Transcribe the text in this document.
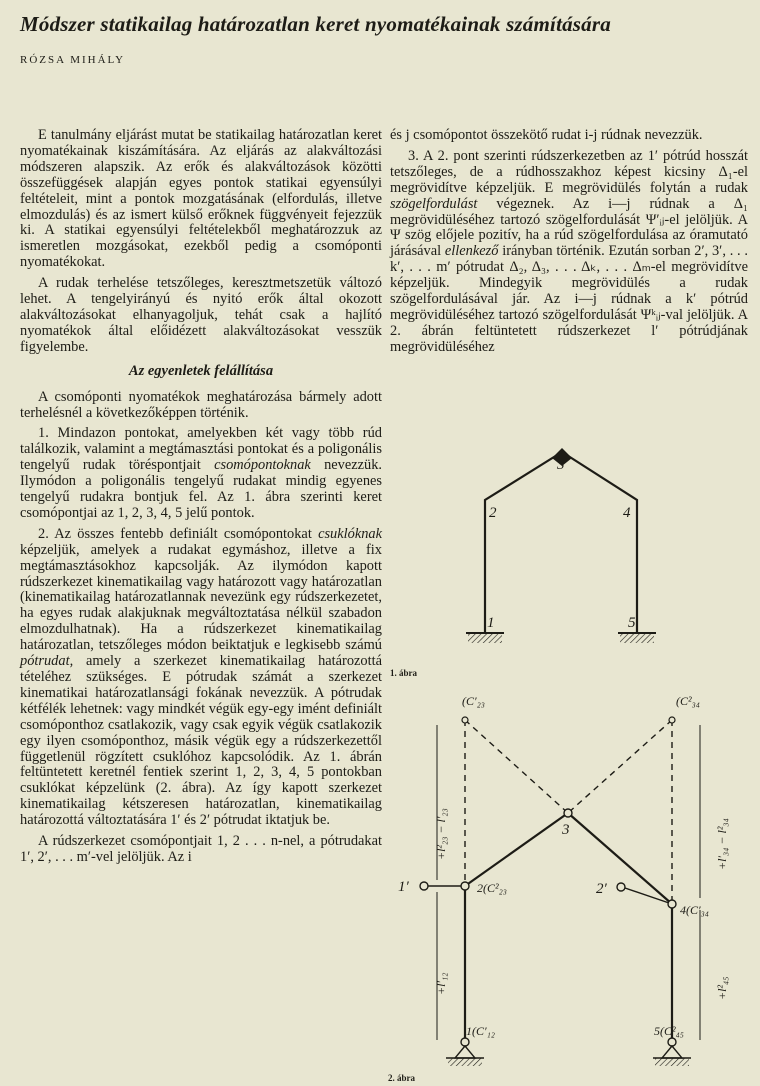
Módszer statikailag határozatlan keret nyomatékainak számítására
RÓZSA MIHÁLY

E tanulmány eljárást mutat be statikailag határozatlan keret nyomatékainak kiszámítására. Az eljárás az alakváltozási módszeren alapszik. Az erők és alakváltozások közötti összefüggések alapján egyes pontok statikai egyensúlyi feltételeit, mint a pontok mozgatásának (elfordulás, illetve elmozdulás) és az ismert külső erőknek függvényeit fejezzük ki. A statikai egyensúlyi feltételekből meghatározzuk az ismeretlen mozgásokat, ezekből pedig a csomóponti nyomatékokat.

A rudak terhelése tetszőleges, keresztmetszetük változó lehet. A tengelyirányú és nyitó erők által okozott alakváltozásokat elhanyagoljuk, tehát csak a hajlító nyomatékok által előidézett alakváltozásokat vesszük figyelembe.

Az egyenletek felállítása

A csomóponti nyomatékok meghatározása bármely adott terhelésnél a következőképpen történik.

1. Mindazon pontokat, amelyekben két vagy több rúd találkozik, valamint a megtámasztási pontokat és a poligonális tengelyű rudak töréspontjait csomópontoknak nevezzük. Ilymódon a poligonális tengelyű rudakat mindig egyenes tengelyű rudakra bontjuk fel. Az 1. ábra szerinti keret csomópontjai az 1, 2, 3, 4, 5 jelű pontok.

2. Az összes fentebb definiált csomópontokat csuklóknak képzeljük, amelyek a rudakat egymáshoz, illetve a fix megtámasztásokhoz kapcsolják. Az ilymódon kapott rúdszerkezet kinematikailag vagy határozott vagy határozatlan (kinematikailag határozatlannak nevezünk egy rúdszerkezetet, ha egyes rudak alakjuknak megváltoztatása nélkül szabadon elmozdulhatnak). Ha a rúdszerkezet kinematikailag határozatlan, tetszőleges módon beiktatjuk e legkisebb számú pótrudat, amely a szerkezet kinematikailag határozottá tételéhez szükséges. E pótrudak számát a szerkezet kinematikai határozatlansági fokának nevezzük. A pótrudak kétfélék lehetnek: vagy mindkét végük egy-egy imént definiált csomóponthoz csatlakozik, vagy csak egyik végük csatlakozik egy ilyen csomóponthoz, másik végük egy a rúdszerkezettől függetlenül rögzített csuklóhoz kapcsolódik. Az 1. ábrán feltüntetett keretnél fentiek szerint 1, 2, 3, 4, 5 pontokban csuklókat képzelünk (2. ábra). Az így kapott szerkezet kinematikailag kétszeresen határozatlan, kinematikailag határozottá változtatására 1′ és 2′ pótrudat iktatjuk be.

A rúdszerkezet csomópontjait 1, 2 . . . n-nel, a pótrudakat 1′, 2′, . . . m′-vel jelöljük. Az i

és j csomópontot összekötő rudat i-j rúdnak nevezzük.

3. A 2. pont szerinti rúdszerkezetben az 1′ pótrúd hosszát tetszőleges, de a rúdhosszakhoz képest kicsiny Δ₁-el megrövidítve képzeljük. E megrövidülés folytán a rudak szögelfordulást végeznek. Az i—j rúdnak a Δ₁ megrövidüléséhez tartozó szögelfordulását Ψ′ᵢⱼ-el jelöljük. A Ψ szög előjele pozitív, ha a rúd szögelfordulása az óramutató járásával ellenkező irányban történik. Ezután sorban 2′, 3′, . . . k′, . . . m′ pótrudat Δ₂, Δ₃, . . . Δₖ, . . . Δₘ-el megrövidítve képzeljük. Mindegyik megrövidülés a rudak szögelfordulásával jár. Az i—j rúdnak a k′ pótrúd megrövidüléséhez tartozó szögelfordulását Ψᵏᵢⱼ-val jelöljük. A 2. ábrán feltüntetett rúdszerkezet l′ pótrúdjának megrövidüléséhez

1
2
3
4
5
1. ábra
(C′₂₃	(C²₃₄
3
2(C²₂₃
4(C′₃₄
1(C′₁₂	5(C²₄₅
1′	2′
+l²₂₃ − l′₂₃
+l′₁₂
+l′₃₄ − l²₃₄
+l²₄₅
2. ábra
